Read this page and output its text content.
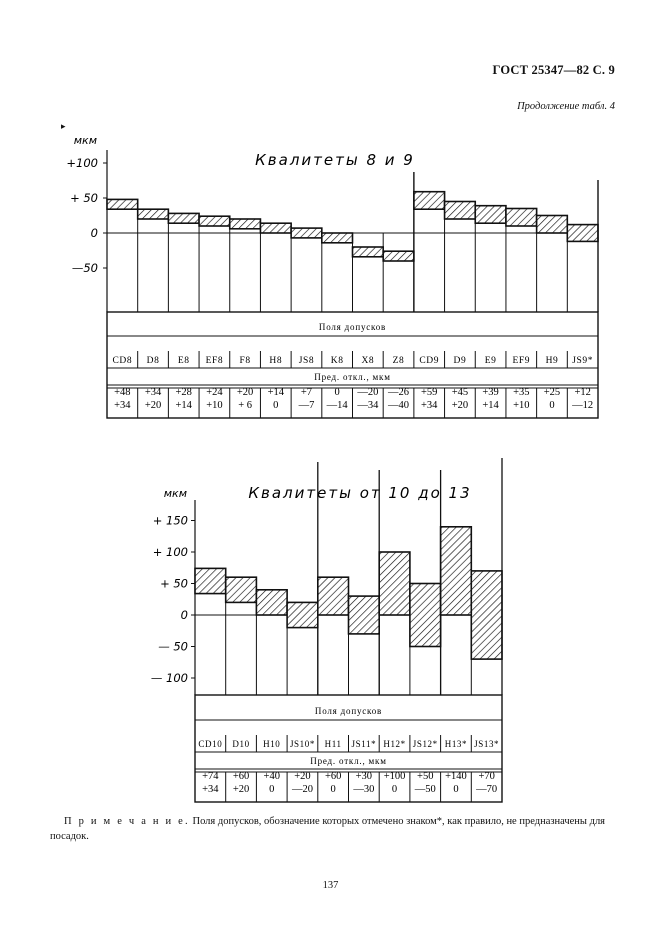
ГОСТ 25347—82 С. 9
Продолжение табл. 4
▸
Квалитеты 8 и 9
мкм
+100
+ 50
0
—50
Поля допусков
Пред. откл., мкм
CD8
+48
+34
D8
+34
+20
E8
+28
+14
EF8
+24
+10
F8
+20
+ 6
H8
+14
0
JS8
+7
—7
K8
0
—14
X8
—20
—34
Z8
—26
—40
CD9
+59
+34
D9
+45
+20
E9
+39
+14
EF9
+35
+10
H9
+25
0
JS9*
+12
—12
Квалитеты от 10 до 13
мкм
+ 150
+ 100
+ 50
0
— 50
— 100
Поля допусков
Пред. откл., мкм
CD10
+74
+34
D10
+60
+20
H10
+40
0
JS10*
+20
—20
H11
+60
0
JS11*
+30
—30
H12*
+100
0
JS12*
+50
—50
H13*
+140
0
JS13*
+70
—70
П р и м е ч а н и е. Поля допусков, обозначение которых отмечено знаком*, как правило, не предназначены для посадок.
137
